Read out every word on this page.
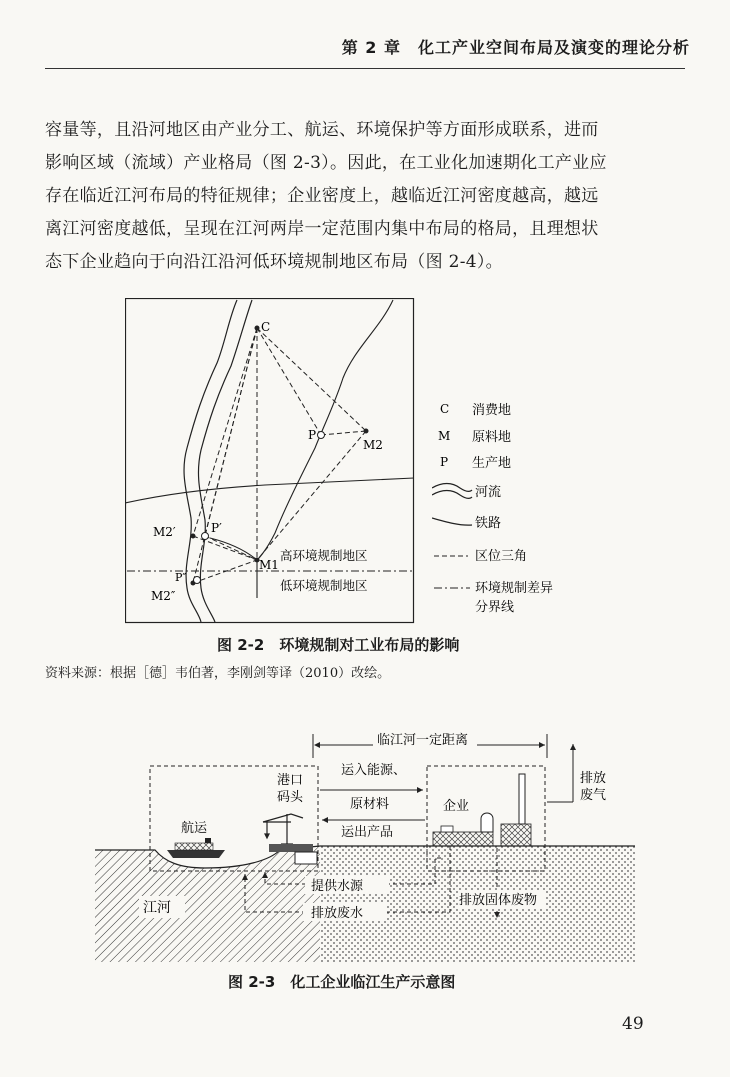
第 2 章　化工产业空间布局及演变的理论分析

容量等，且沿河地区由产业分工、航运、环境保护等方面形成联系，进而

影响区域（流域）产业格局（图 2-3）。因此，在工业化加速期化工产业应

存在临近江河布局的特征规律；企业密度上，越临近江河密度越高，越远

离江河密度越低，呈现在江河两岸一定范围内集中布局的格局，且理想状

态下企业趋向于向沿江沿河低环境规制地区布局（图 2-4）。

C
P
M2
M2′	P′
M1
P″
M2″
高环境规制地区
低环境规制地区
C 消费地
M 原料地
P 生产地
河流
铁路
区位三角
环境规制差异
分界线
图 2-2　环境规制对工业布局的影响
资料来源：根据［德］韦伯著，李刚剑等译（2010）改绘。
江河
临江河一定距离
港口
码头
航运
企业
运入能源、
原材料
运出产品
排放
废气
提供水源
排放废水
排放固体废物
图 2-3　化工企业临江生产示意图
49
